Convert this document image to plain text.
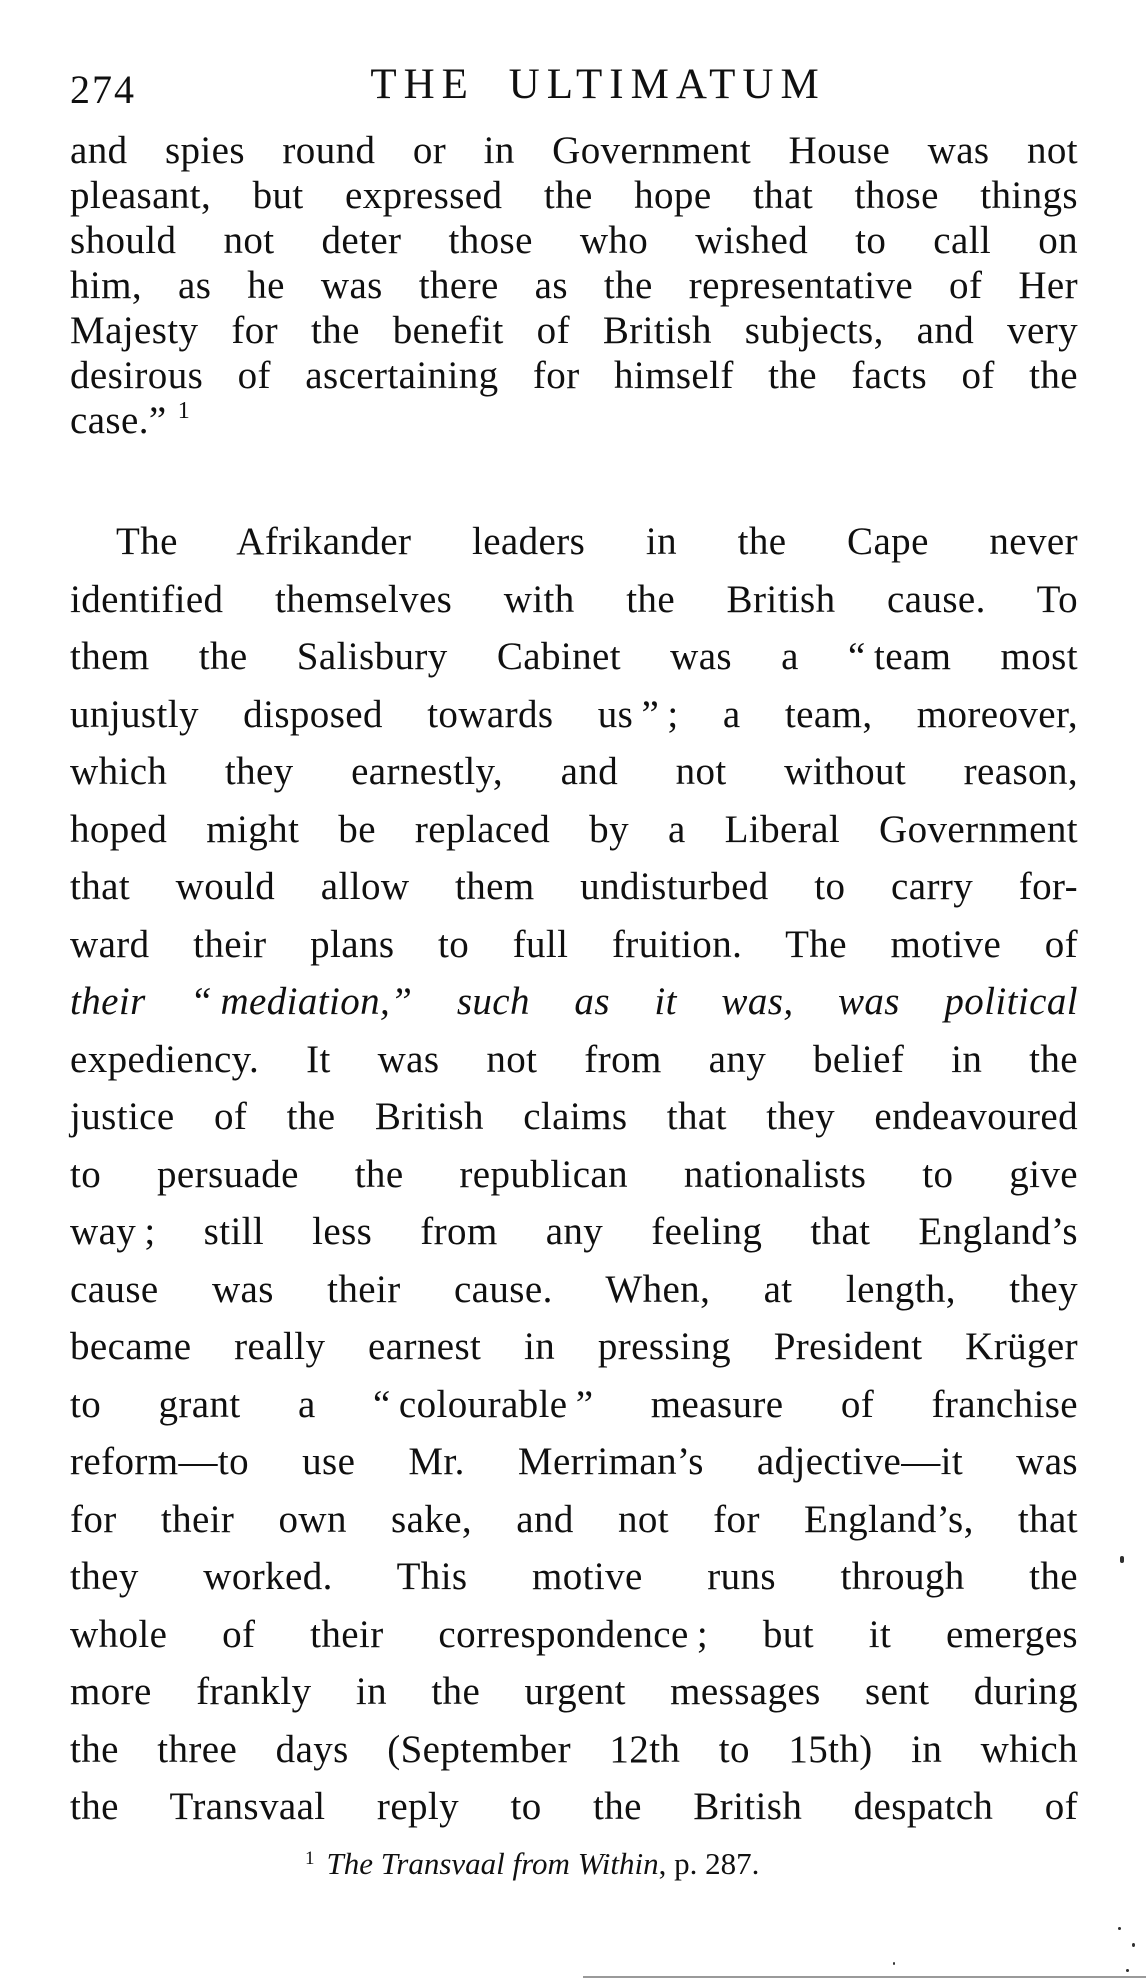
274	THE ULTIMATUM
and spies round or in Government House was not
pleasant, but expressed the hope that those things
should not deter those who wished to call on
him, as he was there as the representative of Her
Majesty for the benefit of British subjects, and very
desirous of ascertaining for himself the facts of the
case.” $^1$
The Afrikander leaders in the Cape never
identified themselves with the British cause. To
them the Salisbury Cabinet was a “ team most
unjustly disposed towards us ” ; a team, moreover,
which they earnestly, and not without reason,
hoped might be replaced by a Liberal Government
that would allow them undisturbed to carry for-
ward their plans to full fruition. The motive of
their “ mediation,” such as it was, was political
expediency. It was not from any belief in the
justice of the British claims that they endeavoured
to persuade the republican nationalists to give
way ; still less from any feeling that England’s
cause was their cause. When, at length, they
became really earnest in pressing President Krüger
to grant a “ colourable ” measure of franchise
reform—to use Mr. Merriman’s adjective—it was
for their own sake, and not for England’s, that
they worked. This motive runs through the
whole of their correspondence ; but it emerges
more frankly in the urgent messages sent during
the three days (September 12th to 15th) in which
the Transvaal reply to the British despatch of
$^1$ The Transvaal from Within, p. 287.
